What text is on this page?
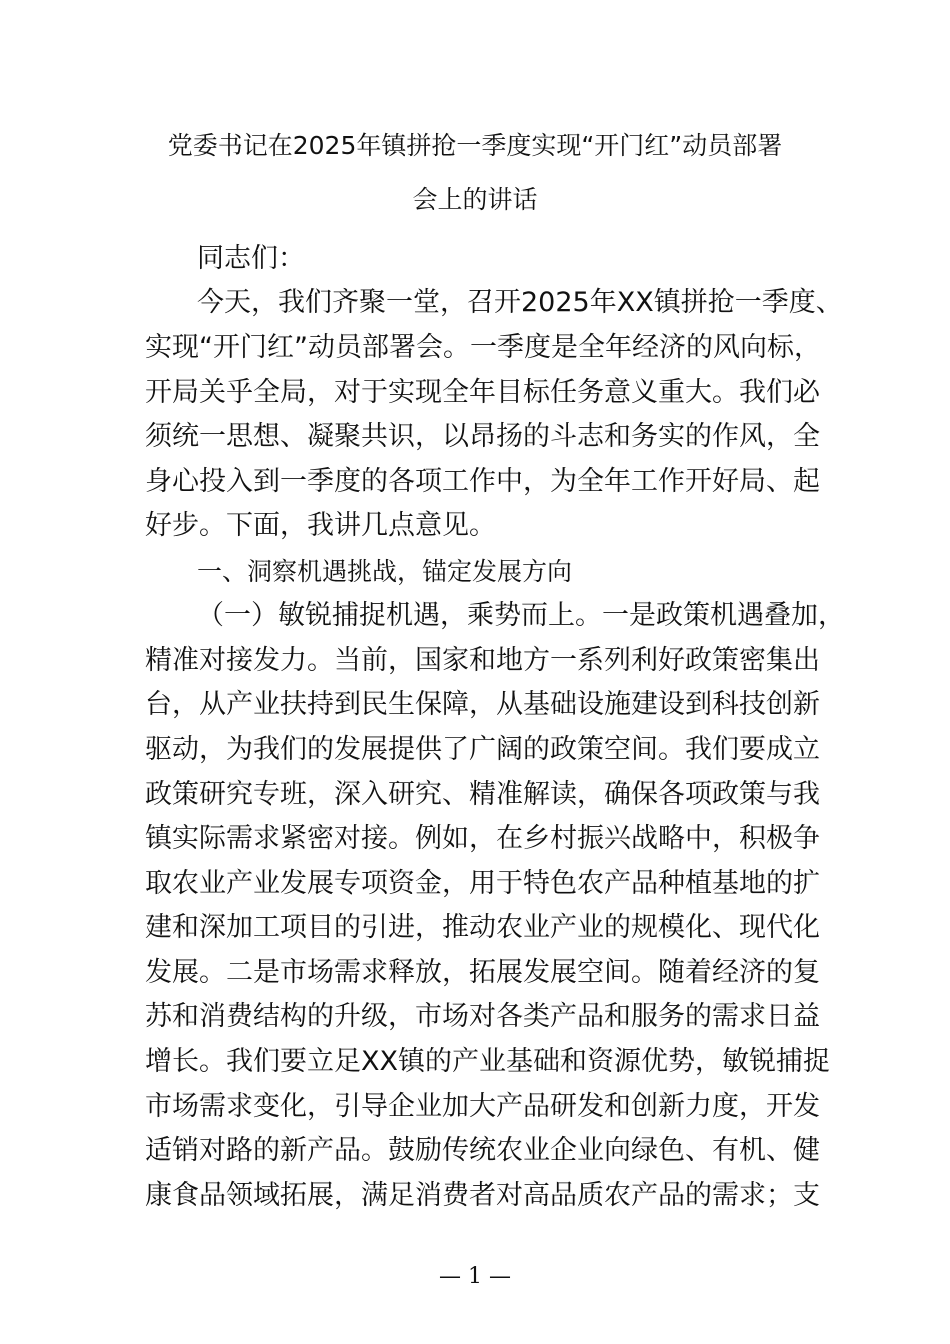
党委书记在2025年镇拼抢一季度实现“开门红”动员部署
会上的讲话

同志们：

今天，我们齐聚一堂，召开2025年XX镇拼抢一季度、

实现“开门红”动员部署会。一季度是全年经济的风向标，

开局关乎全局，对于实现全年目标任务意义重大。我们必

须统一思想、凝聚共识，以昂扬的斗志和务实的作风，全

身心投入到一季度的各项工作中，为全年工作开好局、起

好步。下面，我讲几点意见。

一、洞察机遇挑战，锚定发展方向

（一）敏锐捕捉机遇，乘势而上。一是政策机遇叠加，

精准对接发力。当前，国家和地方一系列利好政策密集出

台，从产业扶持到民生保障，从基础设施建设到科技创新

驱动，为我们的发展提供了广阔的政策空间。我们要成立

政策研究专班，深入研究、精准解读，确保各项政策与我

镇实际需求紧密对接。例如，在乡村振兴战略中，积极争

取农业产业发展专项资金，用于特色农产品种植基地的扩

建和深加工项目的引进，推动农业产业的规模化、现代化

发展。二是市场需求释放，拓展发展空间。随着经济的复

苏和消费结构的升级，市场对各类产品和服务的需求日益

增长。我们要立足XX镇的产业基础和资源优势，敏锐捕捉

市场需求变化，引导企业加大产品研发和创新力度，开发

适销对路的新产品。鼓励传统农业企业向绿色、有机、健

康食品领域拓展，满足消费者对高品质农产品的需求；支

— 1 —
